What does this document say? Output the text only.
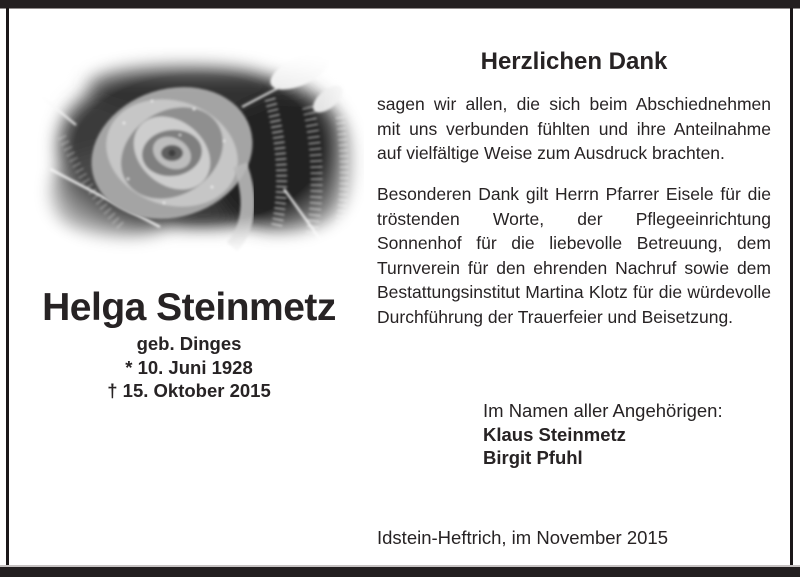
Helga Steinmetz
geb. Dinges
* 10. Juni 1928
† 15. Oktober 2015
Herzlichen Dank

sagen wir allen, die sich beim Abschiednehmen mit uns verbunden fühlten und ihre Anteilnahme auf vielfältige Weise zum Ausdruck brachten.

Besonderen Dank gilt Herrn Pfarrer Eisele für die tröstenden Worte, der Pflegeeinrichtung Sonnenhof für die liebevolle Betreuung, dem Turnverein für den ehrenden Nachruf sowie dem Bestattungsinstitut Martina Klotz für die würdevolle Durchführung der Trauerfeier und Beisetzung.

Im Namen aller Angehörigen:
Klaus Steinmetz
Birgit Pfuhl
Idstein-Heftrich, im November 2015
